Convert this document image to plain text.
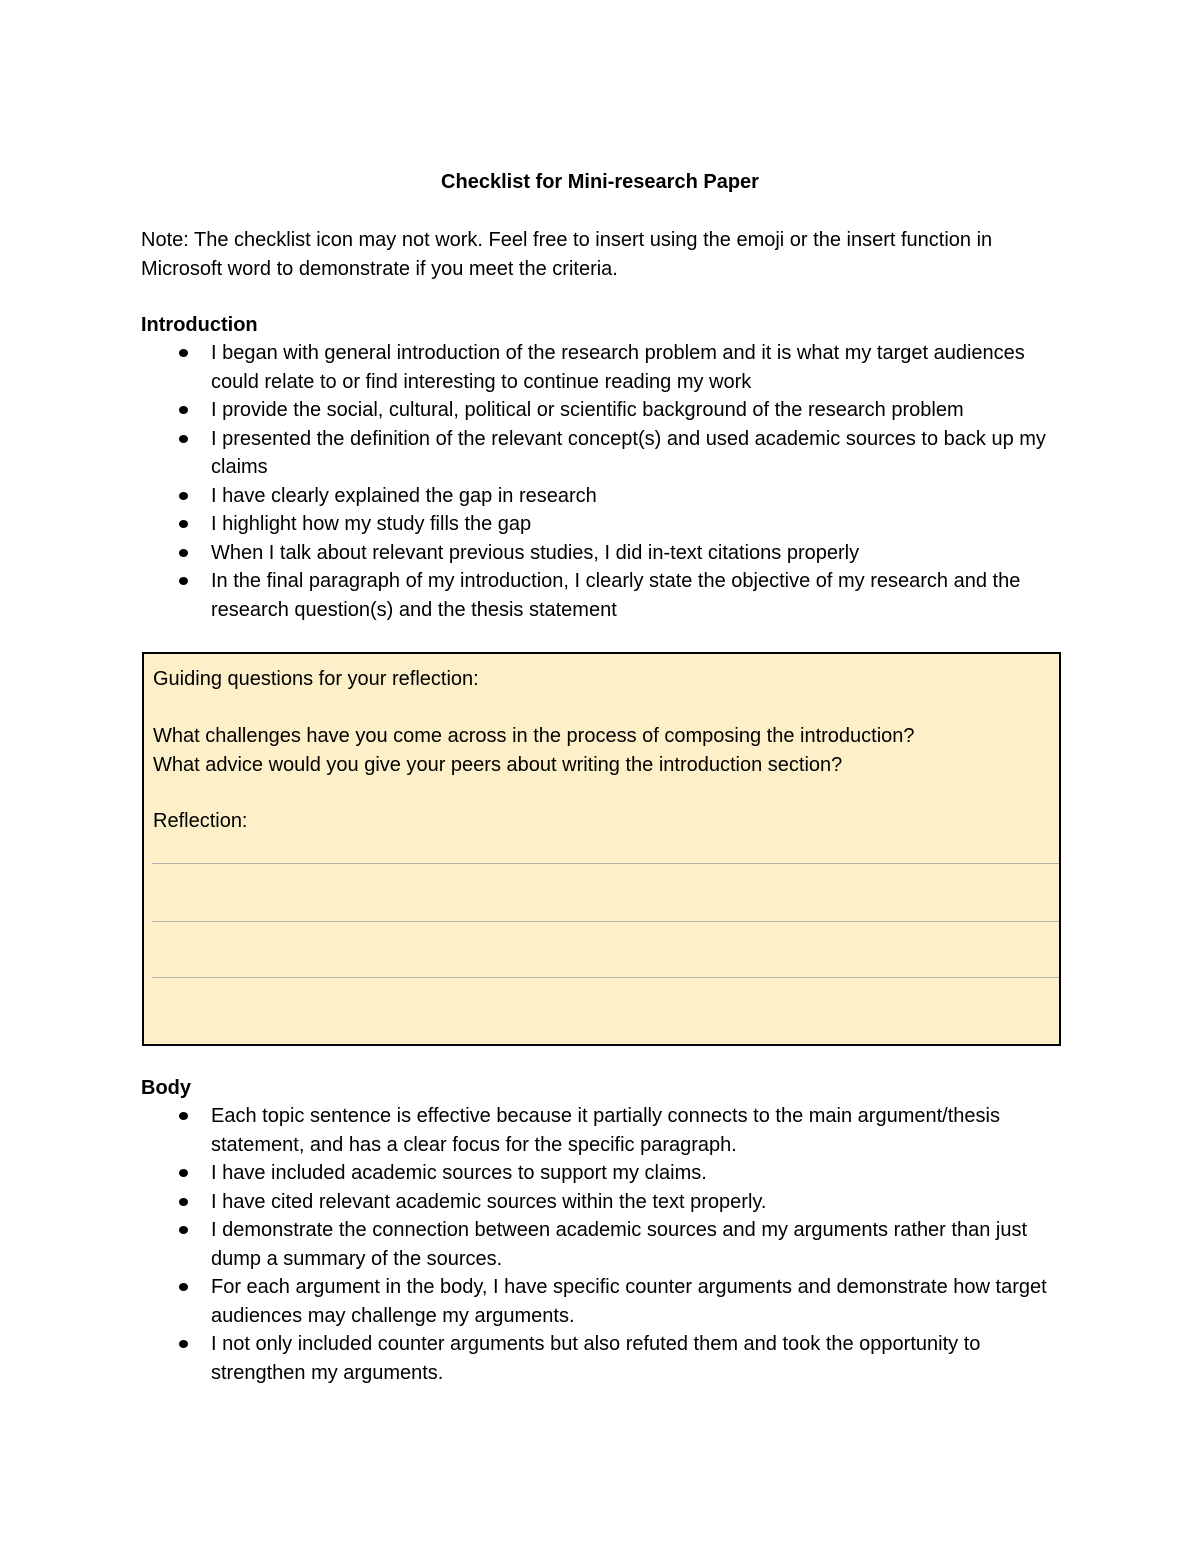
Checklist for Mini-research Paper
Note: The checklist icon may not work. Feel free to insert using the emoji or the insert function in Microsoft word to demonstrate if you meet the criteria.
Introduction
I began with general introduction of the research problem and it is what my target audiences could relate to or find interesting to continue reading my work
I provide the social, cultural, political or scientific background of the research problem
I presented the definition of the relevant concept(s) and used academic sources to back up my claims
I have clearly explained the gap in research
I highlight how my study fills the gap
When I talk about relevant previous studies, I did in-text citations properly
In the final paragraph of my introduction, I clearly state the objective of my research and the research question(s) and the thesis statement
Guiding questions for your reflection:
What challenges have you come across in the process of composing the introduction?
What advice would you give your peers about writing the introduction section?
Reflection:
Body
Each topic sentence is effective because it partially connects to the main argument/thesis statement, and has a clear focus for the specific paragraph.
I have included academic sources to support my claims.
I have cited relevant academic sources within the text properly.
I demonstrate the connection between academic sources and my arguments rather than just dump a summary of the sources.
For each argument in the body, I have specific counter arguments and demonstrate how target audiences may challenge my arguments.
I not only included counter arguments but also refuted them and took the opportunity to strengthen my arguments.
